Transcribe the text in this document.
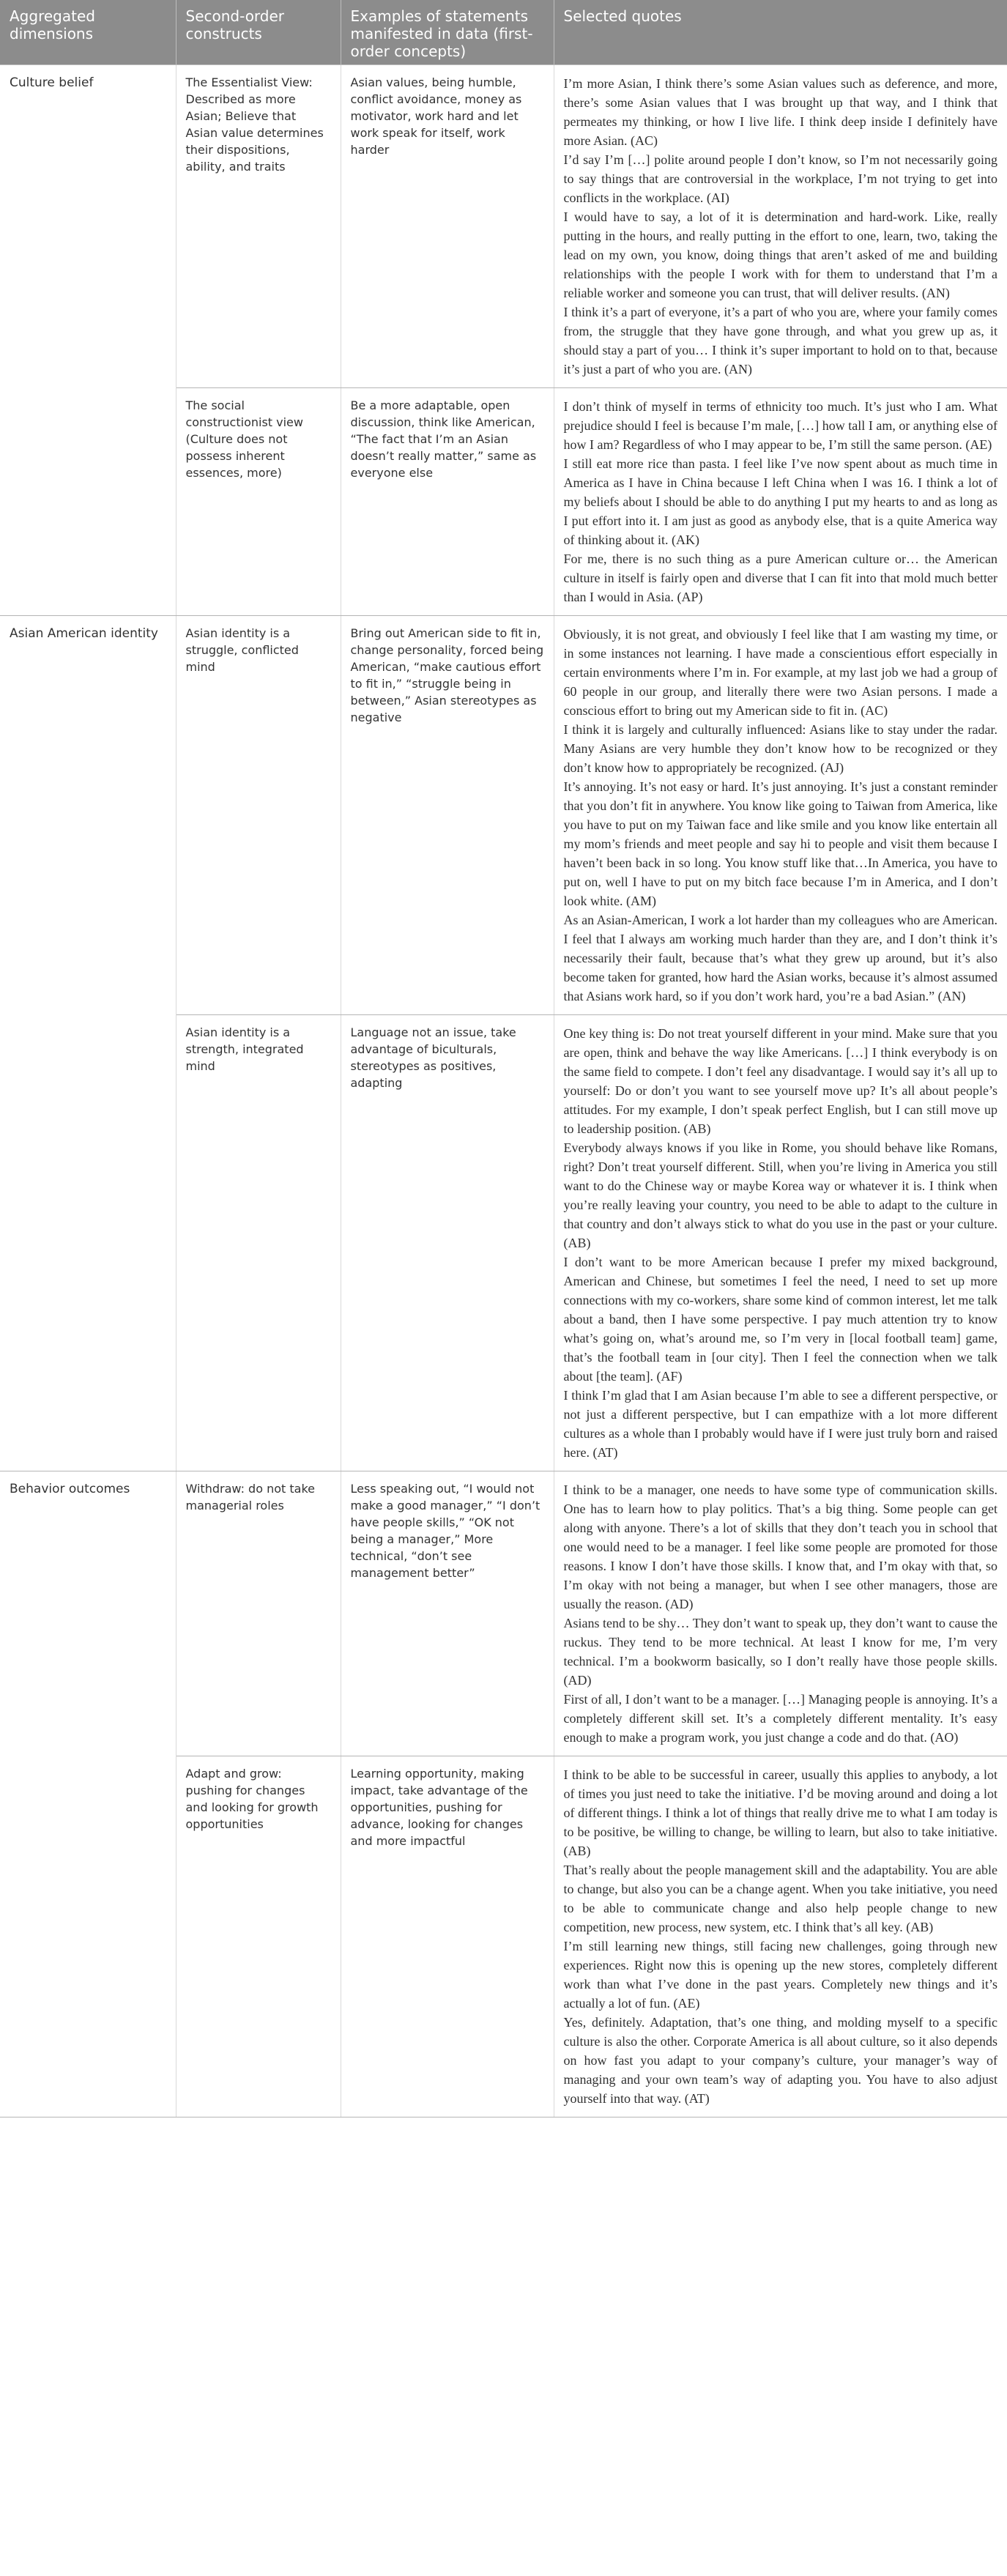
Aggregated dimensions	Second-order constructs	Examples of statements manifested in data (first-order concepts)	Selected quotes
Culture belief	The Essentialist View: Described as more Asian; Believe that Asian value determines their dispositions, ability, and traits	Asian values, being humble, conflict avoidance, money as motivator, work hard and let work speak for itself, work harder	I’m more Asian, I think there’s some Asian values such as deference, and more, there’s some Asian values that I was brought up that way, and I think that permeates my thinking, or how I live life. I think deep inside I definitely have more Asian. (AC)
I’d say I’m […] polite around people I don’t know, so I’m not necessarily going to say things that are controversial in the workplace, I’m not trying to get into conflicts in the workplace. (AI)
I would have to say, a lot of it is determination and hard-work. Like, really putting in the hours, and really putting in the effort to one, learn, two, taking the lead on my own, you know, doing things that aren’t asked of me and building relationships with the people I work with for them to understand that I’m a reliable worker and someone you can trust, that will deliver results. (AN)
I think it’s a part of everyone, it’s a part of who you are, where your family comes from, the struggle that they have gone through, and what you grew up as, it should stay a part of you… I think it’s super important to hold on to that, because it’s just a part of who you are. (AN)

	The social constructionist view (Culture does not possess inherent essences, more)	Be a more adaptable, open discussion, think like American, “The fact that I’m an Asian doesn’t really matter,” same as everyone else	I don’t think of myself in terms of ethnicity too much. It’s just who I am. What prejudice should I feel is because I’m male, […] how tall I am, or anything else of how I am? Regardless of who I may appear to be, I’m still the same person. (AE)
I still eat more rice than pasta. I feel like I’ve now spent about as much time in America as I have in China because I left China when I was 16. I think a lot of my beliefs about I should be able to do anything I put my hearts to and as long as I put effort into it. I am just as good as anybody else, that is a quite America way of thinking about it. (AK)
For me, there is no such thing as a pure American culture or… the American culture in itself is fairly open and diverse that I can fit into that mold much better than I would in Asia. (AP)

Asian American identity	Asian identity is a struggle, conflicted mind	Bring out American side to fit in, change personality, forced being American, “make cautious effort to fit in,” “struggle being in between,” Asian stereotypes as negative	Obviously, it is not great, and obviously I feel like that I am wasting my time, or in some instances not learning. I have made a conscientious effort especially in certain environments where I’m in. For example, at my last job we had a group of 60 people in our group, and literally there were two Asian persons. I made a conscious effort to bring out my American side to fit in. (AC)
I think it is largely and culturally influenced: Asians like to stay under the radar. Many Asians are very humble they don’t know how to be recognized or they don’t know how to appropriately be recognized. (AJ)
It’s annoying. It’s not easy or hard. It’s just annoying. It’s just a constant reminder that you don’t fit in anywhere. You know like going to Taiwan from America, like you have to put on my Taiwan face and like smile and you know like entertain all my mom’s friends and meet people and say hi to people and visit them because I haven’t been back in so long. You know stuff like that…In America, you have to put on, well I have to put on my bitch face because I’m in America, and I don’t look white. (AM)
As an Asian-American, I work a lot harder than my colleagues who are American. I feel that I always am working much harder than they are, and I don’t think it’s necessarily their fault, because that’s what they grew up around, but it’s also become taken for granted, how hard the Asian works, because it’s almost assumed that Asians work hard, so if you don’t work hard, you’re a bad Asian.” (AN)

	Asian identity is a strength, integrated mind	Language not an issue, take advantage of biculturals, stereotypes as positives, adapting	One key thing is: Do not treat yourself different in your mind. Make sure that you are open, think and behave the way like Americans. […] I think everybody is on the same field to compete. I don’t feel any disadvantage. I would say it’s all up to yourself: Do or don’t you want to see yourself move up? It’s all about people’s attitudes. For my example, I don’t speak perfect English, but I can still move up to leadership position. (AB)
Everybody always knows if you like in Rome, you should behave like Romans, right? Don’t treat yourself different. Still, when you’re living in America you still want to do the Chinese way or maybe Korea way or whatever it is. I think when you’re really leaving your country, you need to be able to adapt to the culture in that country and don’t always stick to what do you use in the past or your culture. (AB)
I don’t want to be more American because I prefer my mixed background, American and Chinese, but sometimes I feel the need, I need to set up more connections with my co-workers, share some kind of common interest, let me talk about a band, then I have some perspective. I pay much attention try to know what’s going on, what’s around me, so I’m very in [local football team] game, that’s the football team in [our city]. Then I feel the connection when we talk about [the team]. (AF)
I think I’m glad that I am Asian because I’m able to see a different perspective, or not just a different perspective, but I can empathize with a lot more different cultures as a whole than I probably would have if I were just truly born and raised here. (AT)

Behavior outcomes	Withdraw: do not take managerial roles	Less speaking out, “I would not make a good manager,” “I don’t have people skills,” “OK not being a manager,” More technical, “don’t see management better”	I think to be a manager, one needs to have some type of communication skills. One has to learn how to play politics. That’s a big thing. Some people can get along with anyone. There’s a lot of skills that they don’t teach you in school that one would need to be a manager. I feel like some people are promoted for those reasons. I know I don’t have those skills. I know that, and I’m okay with that, so I’m okay with not being a manager, but when I see other managers, those are usually the reason. (AD)
Asians tend to be shy… They don’t want to speak up, they don’t want to cause the ruckus. They tend to be more technical. At least I know for me, I’m very technical. I’m a bookworm basically, so I don’t really have those people skills. (AD)
First of all, I don’t want to be a manager. […] Managing people is annoying. It’s a completely different skill set. It’s a completely different mentality. It’s easy enough to make a program work, you just change a code and do that. (AO)

	Adapt and grow: pushing for changes and looking for growth opportunities	Learning opportunity, making impact, take advantage of the opportunities, pushing for advance, looking for changes and more impactful	I think to be able to be successful in career, usually this applies to anybody, a lot of times you just need to take the initiative. I’d be moving around and doing a lot of different things. I think a lot of things that really drive me to what I am today is to be positive, be willing to change, be willing to learn, but also to take initiative. (AB)
That’s really about the people management skill and the adaptability. You are able to change, but also you can be a change agent. When you take initiative, you need to be able to communicate change and also help people change to new competition, new process, new system, etc. I think that’s all key. (AB)
I’m still learning new things, still facing new challenges, going through new experiences. Right now this is opening up the new stores, completely different work than what I’ve done in the past years. Completely new things and it’s actually a lot of fun. (AE)
Yes, definitely. Adaptation, that’s one thing, and molding myself to a specific culture is also the other. Corporate America is all about culture, so it also depends on how fast you adapt to your company’s culture, your manager’s way of managing and your own team’s way of adapting you. You have to also adjust yourself into that way. (AT)
